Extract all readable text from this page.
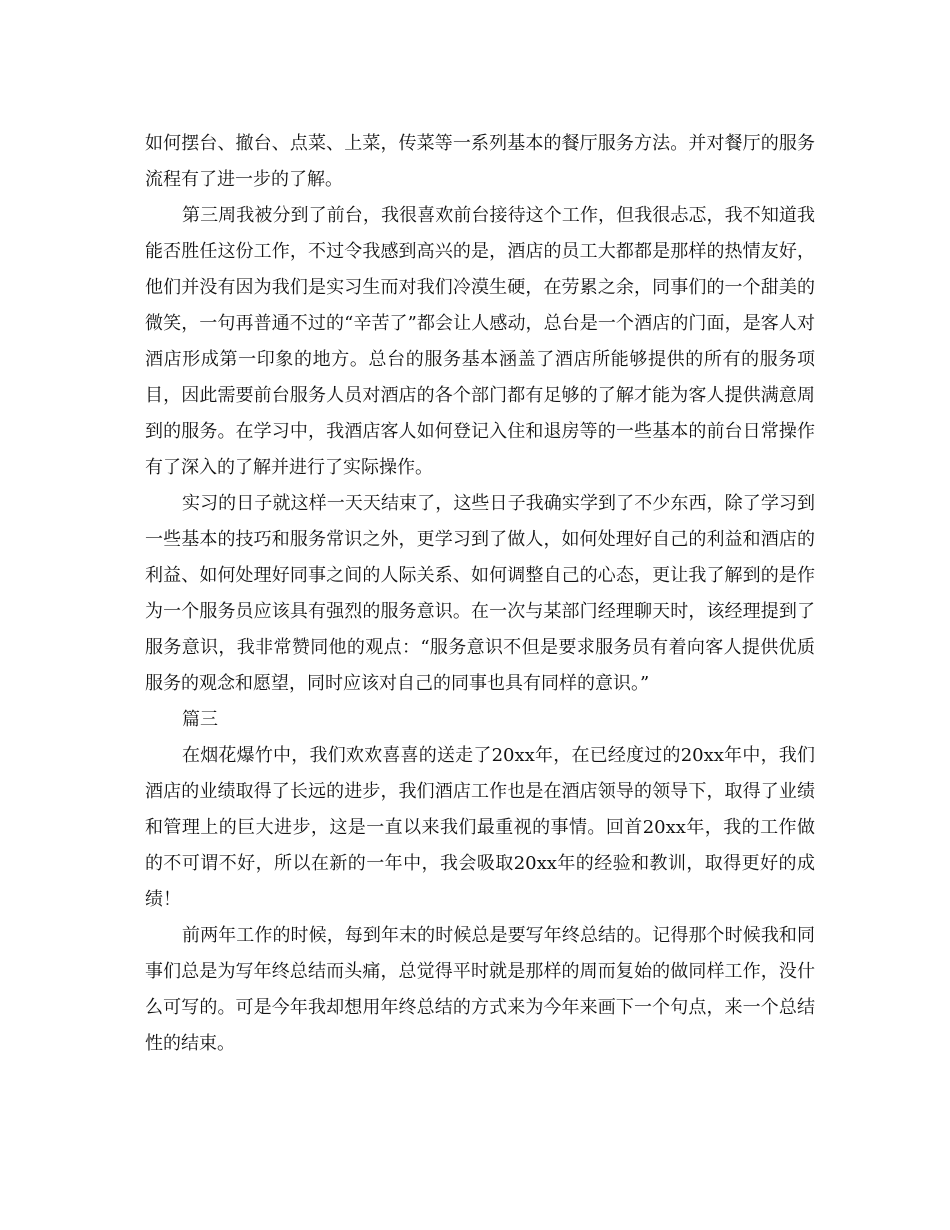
如何摆台、撤台、点菜、上菜，传菜等一系列基本的餐厅服务方法。并对餐厅的服务流程有了进一步的了解。

第三周我被分到了前台，我很喜欢前台接待这个工作，但我很忐忑，我不知道我能否胜任这份工作，不过令我感到高兴的是，酒店的员工大都都是那样的热情友好，他们并没有因为我们是实习生而对我们冷漠生硬，在劳累之余，同事们的一个甜美的微笑，一句再普通不过的“辛苦了”都会让人感动，总台是一个酒店的门面，是客人对酒店形成第一印象的地方。总台的服务基本涵盖了酒店所能够提供的所有的服务项目，因此需要前台服务人员对酒店的各个部门都有足够的了解才能为客人提供满意周到的服务。在学习中，我酒店客人如何登记入住和退房等的一些基本的前台日常操作有了深入的了解并进行了实际操作。

实习的日子就这样一天天结束了，这些日子我确实学到了不少东西，除了学习到一些基本的技巧和服务常识之外，更学习到了做人，如何处理好自己的利益和酒店的利益、如何处理好同事之间的人际关系、如何调整自己的心态，更让我了解到的是作为一个服务员应该具有强烈的服务意识。在一次与某部门经理聊天时，该经理提到了服务意识，我非常赞同他的观点：“服务意识不但是要求服务员有着向客人提供优质服务的观念和愿望，同时应该对自己的同事也具有同样的意识。”

篇三

在烟花爆竹中，我们欢欢喜喜的送走了20xx年，在已经度过的20xx年中，我们酒店的业绩取得了长远的进步，我们酒店工作也是在酒店领导的领导下，取得了业绩和管理上的巨大进步，这是一直以来我们最重视的事情。回首20xx年，我的工作做的不可谓不好，所以在新的一年中，我会吸取20xx年的经验和教训，取得更好的成绩！

前两年工作的时候，每到年末的时候总是要写年终总结的。记得那个时候我和同事们总是为写年终总结而头痛，总觉得平时就是那样的周而复始的做同样工作，没什么可写的。可是今年我却想用年终总结的方式来为今年来画下一个句点，来一个总结性的结束。
